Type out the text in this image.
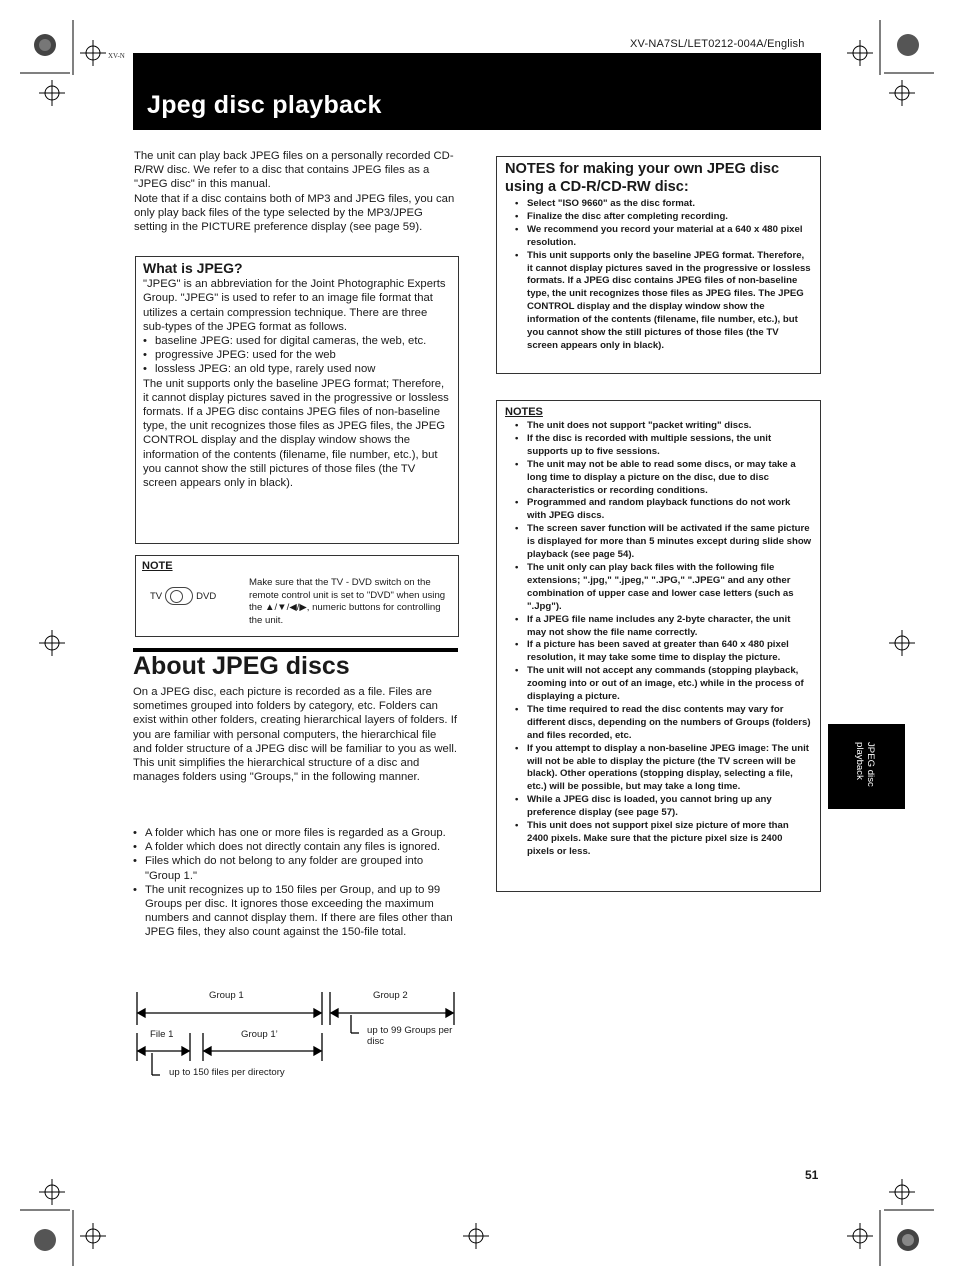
XV-NA7SL/LET0212-004A/English
XV-N
Jpeg disc playback
The unit can play back JPEG files on a personally recorded CD-R/RW disc. We refer to a disc that contains JPEG files as a "JPEG disc" in this manual.
Note that if a disc contains both of MP3 and JPEG files, you can only play back files of the type selected by the MP3/JPEG setting in the PICTURE preference display (see page 59).
What is JPEG?
"JPEG" is an abbreviation for the Joint Photographic Experts Group. "JPEG" is used to refer to an image file format that utilizes a certain compression technique. There are three sub-types of the JPEG format as follows.
• baseline JPEG: used for digital cameras, the web, etc.
• progressive JPEG: used for the web
• lossless JPEG: an old type, rarely used now
The unit supports only the baseline JPEG format; Therefore, it cannot display pictures saved in the progressive or lossless formats. If a JPEG disc contains JPEG files of non-baseline type, the unit recognizes those files as JPEG files, the JPEG CONTROL display and the display window shows the information of the contents (filename, file number, etc.), but you cannot show the still pictures of those files (the TV screen appears only in black).
NOTE
TV	DVD
Make sure that the TV - DVD switch on the remote control unit is set to "DVD" when using the ▲/▼/◀/▶, numeric buttons for controlling the unit.
About JPEG discs
On a JPEG disc, each picture is recorded as a file. Files are sometimes grouped into folders by category, etc. Folders can exist within other folders, creating hierarchical layers of folders. If you are familiar with personal computers, the hierarchical file and folder structure of a JPEG disc will be familiar to you as well. This unit simplifies the hierarchical structure of a disc and manages folders using "Groups," in the following manner.
• A folder which has one or more files is regarded as a Group.
• A folder which does not directly contain any files is ignored.
• Files which do not belong to any folder are grouped into "Group 1."
• The unit recognizes up to 150 files per Group, and up to 99 Groups per disc. It ignores those exceeding the maximum numbers and cannot display them. If there are files other than JPEG files, they also count against the 150-file total.
Group 1	Group 2
File 1	Group 1’	up to 99 Groups per disc
up to 150 files per directory
NOTES for making your own JPEG disc using a CD-R/CD-RW disc:
• Select "ISO 9660" as the disc format.
• Finalize the disc after completing recording.
• We recommend you record your material at a 640 x 480 pixel resolution.
• This unit supports only the baseline JPEG format. Therefore, it cannot display pictures saved in the progressive or lossless formats. If a JPEG disc contains JPEG files of non-baseline type, the unit recognizes those files as JPEG files. The JPEG CONTROL display and the display window show the information of the contents (filename, file number, etc.), but you cannot show the still pictures of those files (the TV screen appears only in black).
NOTES
• The unit does not support "packet writing" discs.
• If the disc is recorded with multiple sessions, the unit supports up to five sessions.
• The unit may not be able to read some discs, or may take a long time to display a picture on the disc, due to disc characteristics or recording conditions.
• Programmed and random playback functions do not work with JPEG discs.
• The screen saver function will be activated if the same picture is displayed for more than 5 minutes except during slide show playback (see page 54).
• The unit only can play back files with the following file extensions; ".jpg," ".jpeg," ".JPG," ".JPEG" and any other combination of upper case and lower case letters (such as ".Jpg").
• If a JPEG file name includes any 2-byte character, the unit may not show the file name correctly.
• If a picture has been saved at greater than 640 x 480 pixel resolution, it may take some time to display the picture.
• The unit will not accept any commands (stopping playback, zooming into or out of an image, etc.) while in the process of displaying a picture.
• The time required to read the disc contents may vary for different discs, depending on the numbers of Groups (folders) and files recorded, etc.
• If you attempt to display a non-baseline JPEG image: The unit will not be able to display the picture (the TV screen will be black). Other operations (stopping display, selecting a file, etc.) will be possible, but may take a long time.
• While a JPEG disc is loaded, you cannot bring up any preference display (see page 57).
• This unit does not support pixel size picture of more than 2400 pixels. Make sure that the picture pixel size is 2400 pixels or less.
JPEG disc playback
51
